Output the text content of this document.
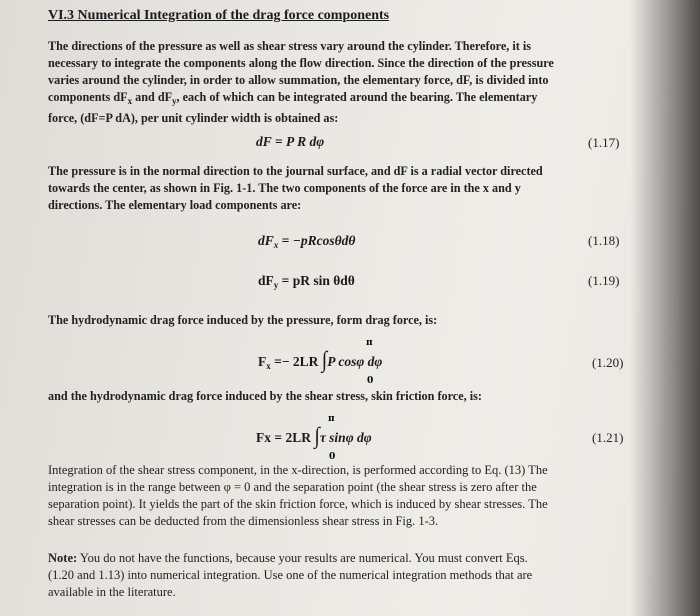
VI.3 Numerical Integration of the drag force components
The directions of the pressure as well as shear stress vary around the cylinder. Therefore, it is
necessary to integrate the components along the flow direction. Since the direction of the pressure
varies around the cylinder, in order to allow summation, the elementary force, dF, is divided into
components $dF_x$ and $dF_y$, each of which can be integrated around the bearing. The elementary
force, (dF=P dA), per unit cylinder width is obtained as:
dF = P R dφ	(1.17)
The pressure is in the normal direction to the journal surface, and dF is a radial vector directed
towards the center, as shown in Fig. 1-1. The two components of the force are in the x and y
directions. The elementary load components are:
$dF_x = -pRcos\theta d\theta$	(1.18)
$dF_y$ = pR sin θdθ	(1.19)
The hydrodynamic drag force induced by the pressure, form drag force, is:
$F_x =- 2LR$ ∫P cosφ dφ
π
0
(1.20)
and the hydrodynamic drag force induced by the shear stress, skin friction force, is:
Fx = 2LR ∫τ sinφ dφ
π
0
(1.21)
Integration of the shear stress component, in the x-direction, is performed according to Eq. (13) The
integration is in the range between φ = 0 and the separation point (the shear stress is zero after the
separation point). It yields the part of the skin friction force, which is induced by shear stresses. The
shear stresses can be deducted from the dimensionless shear stress in Fig. 1-3.
Note: You do not have the functions, because your results are numerical. You must convert Eqs.
(1.20 and 1.13) into numerical integration. Use one of the numerical integration methods that are
available in the literature.
